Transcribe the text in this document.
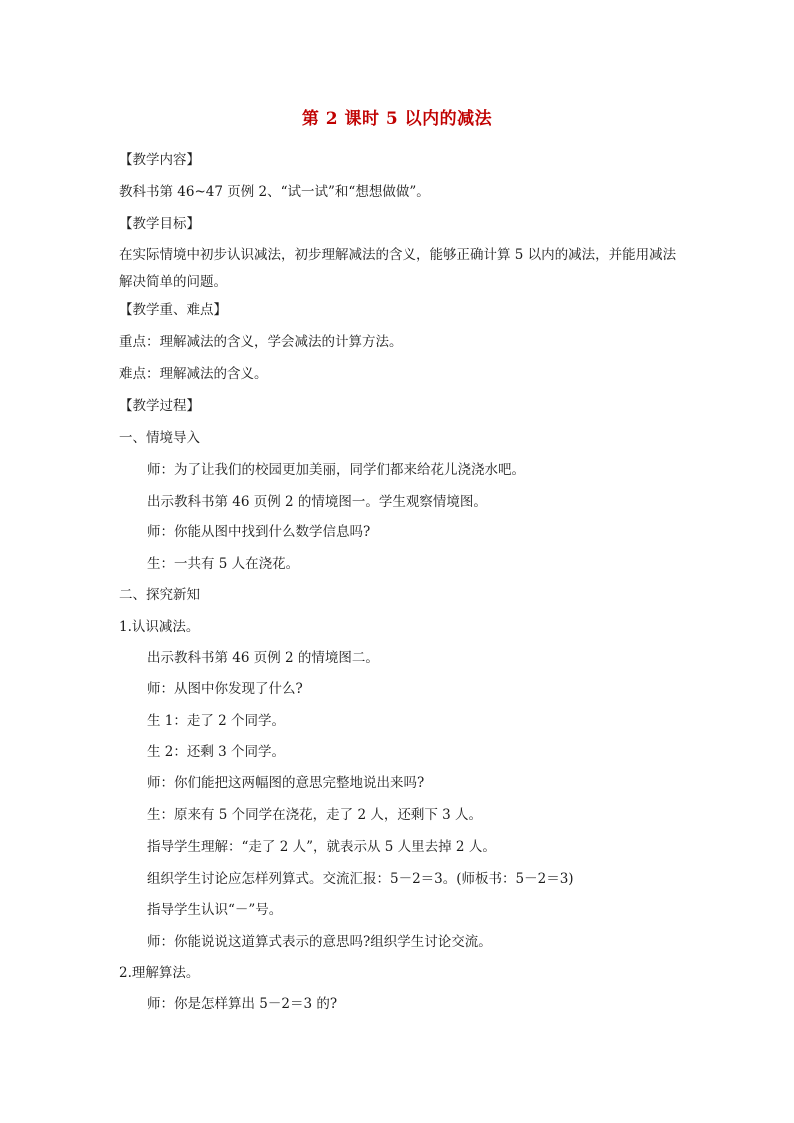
第 2 课时 5 以内的减法
【教学内容】
教科书第 46~47 页例 2、“试一试”和“想想做做”。
【教学目标】
在实际情境中初步认识减法，初步理解减法的含义，能够正确计算 5 以内的减法，并能用减法解决简单的问题。
【教学重、难点】
重点：理解减法的含义，学会减法的计算方法。
难点：理解减法的含义。
【教学过程】
一、情境导入
师：为了让我们的校园更加美丽，同学们都来给花儿浇浇水吧。
出示教科书第 46 页例 2 的情境图一。学生观察情境图。
师：你能从图中找到什么数学信息吗?
生：一共有 5 人在浇花。
二、探究新知
1.认识减法。
出示教科书第 46 页例 2 的情境图二。
师：从图中你发现了什么?
生 1：走了 2 个同学。
生 2：还剩 3 个同学。
师：你们能把这两幅图的意思完整地说出来吗?
生：原来有 5 个同学在浇花，走了 2 人，还剩下 3 人。
指导学生理解：“走了 2 人”，就表示从 5 人里去掉 2 人。
组织学生讨论应怎样列算式。交流汇报：5－2＝3。(师板书：5－2＝3)
指导学生认识“－”号。
师：你能说说这道算式表示的意思吗?组织学生讨论交流。
2.理解算法。
师：你是怎样算出 5－2＝3 的?
